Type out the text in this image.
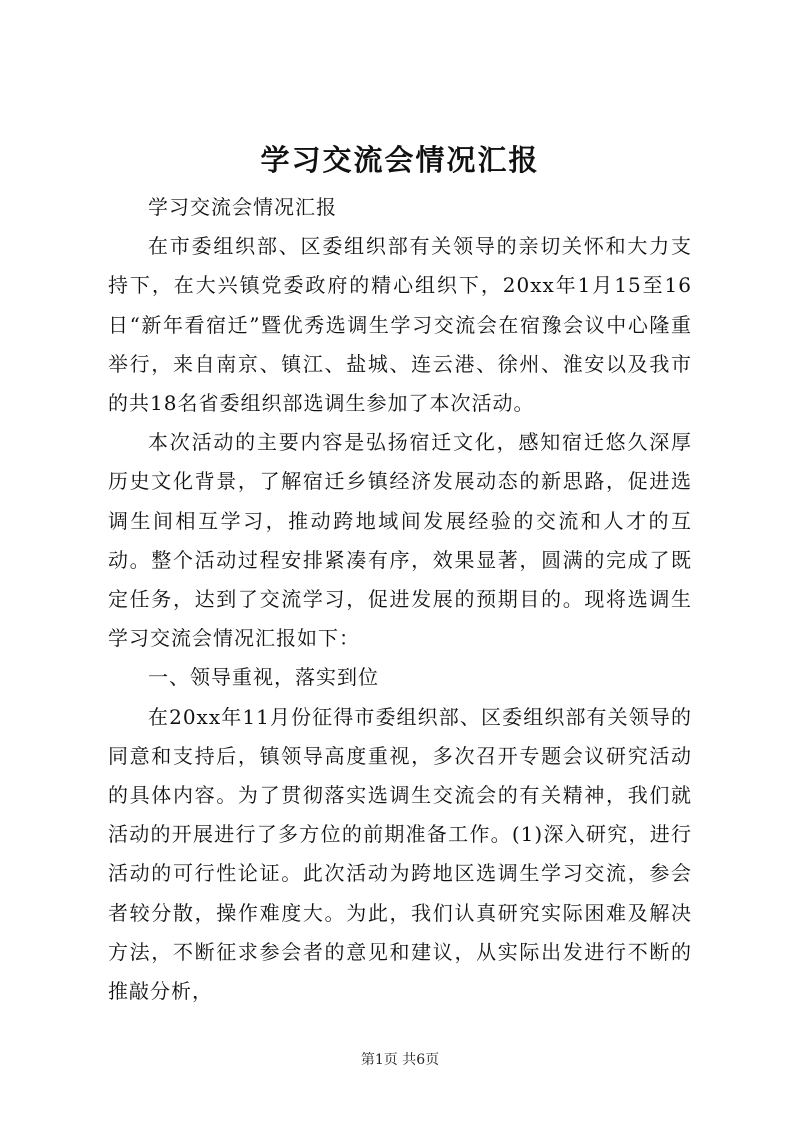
学习交流会情况汇报

学习交流会情况汇报

在市委组织部、区委组织部有关领导的亲切关怀和大力支持下，在大兴镇党委政府的精心组织下，20xx年1月15至16日“新年看宿迁”暨优秀选调生学习交流会在宿豫会议中心隆重举行，来自南京、镇江、盐城、连云港、徐州、淮安以及我市的共18名省委组织部选调生参加了本次活动。

本次活动的主要内容是弘扬宿迁文化，感知宿迁悠久深厚历史文化背景，了解宿迁乡镇经济发展动态的新思路，促进选调生间相互学习，推动跨地域间发展经验的交流和人才的互动。整个活动过程安排紧凑有序，效果显著，圆满的完成了既定任务，达到了交流学习，促进发展的预期目的。现将选调生学习交流会情况汇报如下：

一、领导重视，落实到位

在20xx年11月份征得市委组织部、区委组织部有关领导的同意和支持后，镇领导高度重视，多次召开专题会议研究活动的具体内容。为了贯彻落实选调生交流会的有关精神，我们就活动的开展进行了多方位的前期准备工作。(1)深入研究，进行活动的可行性论证。此次活动为跨地区选调生学习交流，参会者较分散，操作难度大。为此，我们认真研究实际困难及解决方法，不断征求参会者的意见和建议，从实际出发进行不断的推敲分析，

第1页 共6页
